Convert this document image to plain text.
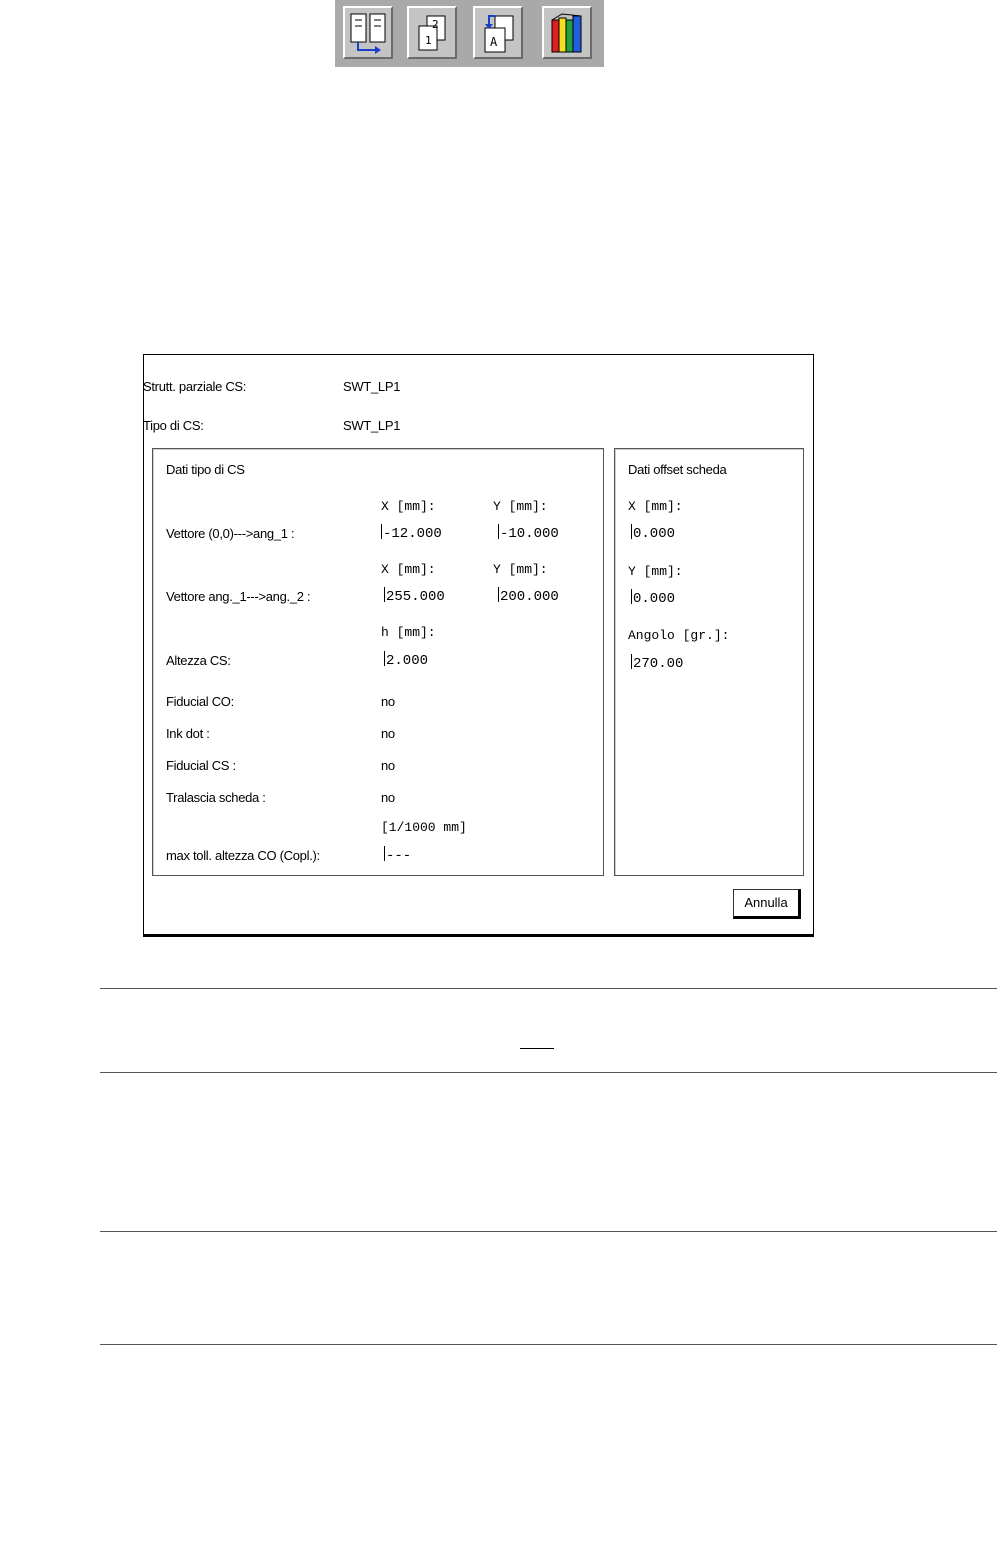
2
1	A
Strutt. parziale CS:	SWT_LP1
Tipo di CS:	SWT_LP1
Dati tipo di CS
X [mm]:	Y [mm]:
Vettore (0,0)--->ang_1 :	-12.000	-10.000
X [mm]:	Y [mm]:
Vettore ang._1--->ang._2 :	255.000	200.000
h [mm]:
Altezza CS:	2.000
Fiducial CO:	no
Ink dot :	no
Fiducial CS :	no
Tralascia scheda :	no
[1/1000 mm]
max toll. altezza CO (Copl.):	---
Dati offset scheda
X [mm]:
0.000
Y [mm]:
0.000
Angolo [gr.]:
270.00
Annulla
